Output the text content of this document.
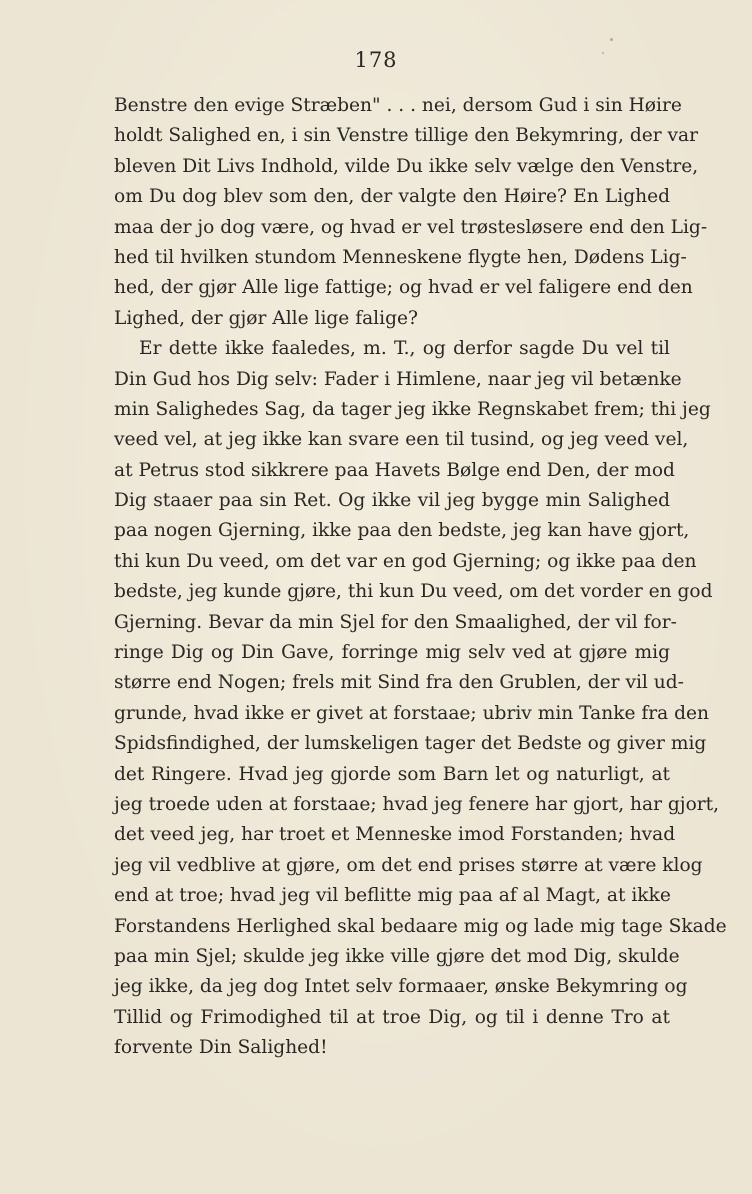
178
Benstre den evige Stræben" . . . nei, dersom Gud i sin Høire
holdt Salighed en, i sin Venstre tillige den Bekymring, der var
bleven Dit Livs Indhold, vilde Du ikke selv vælge den Venstre,
om Du dog blev som den, der valgte den Høire? En Lighed
maa der jo dog være, og hvad er vel trøstesløsere end den Lig-
hed til hvilken stundom Menneskene flygte hen, Dødens Lig-
hed, der gjør Alle lige fattige; og hvad er vel faligere end den
Lighed, der gjør Alle lige falige?
Er dette ikke faaledes, m. T., og derfor sagde Du vel til
Din Gud hos Dig selv: Fader i Himlene, naar jeg vil betænke
min Salighedes Sag, da tager jeg ikke Regnskabet frem; thi jeg
veed vel, at jeg ikke kan svare een til tusind, og jeg veed vel,
at Petrus stod sikkrere paa Havets Bølge end Den, der mod
Dig staaer paa sin Ret. Og ikke vil jeg bygge min Salighed
paa nogen Gjerning, ikke paa den bedste, jeg kan have gjort,
thi kun Du veed, om det var en god Gjerning; og ikke paa den
bedste, jeg kunde gjøre, thi kun Du veed, om det vorder en god
Gjerning. Bevar da min Sjel for den Smaalighed, der vil for-
ringe Dig og Din Gave, forringe mig selv ved at gjøre mig
større end Nogen; frels mit Sind fra den Grublen, der vil ud-
grunde, hvad ikke er givet at forstaae; ubriv min Tanke fra den
Spidsfindighed, der lumskeligen tager det Bedste og giver mig
det Ringere. Hvad jeg gjorde som Barn let og naturligt, at
jeg troede uden at forstaae; hvad jeg fenere har gjort, har gjort,
det veed jeg, har troet et Menneske imod Forstanden; hvad
jeg vil vedblive at gjøre, om det end prises større at være klog
end at troe; hvad jeg vil beflitte mig paa af al Magt, at ikke
Forstandens Herlighed skal bedaare mig og lade mig tage Skade
paa min Sjel; skulde jeg ikke ville gjøre det mod Dig, skulde
jeg ikke, da jeg dog Intet selv formaaer, ønske Bekymring og
Tillid og Frimodighed til at troe Dig, og til i denne Tro at
forvente Din Salighed!
